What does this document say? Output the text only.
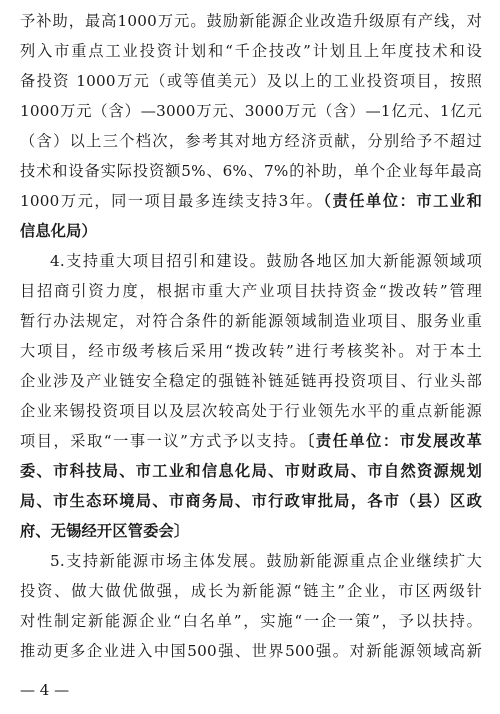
予补助，最高1000万元。鼓励新能源企业改造升级原有产线，对
列入市重点工业投资计划和“千企技改”计划且上年度技术和设
备投资 1000万元（或等值美元）及以上的工业投资项目，按照
1000万元（含）—3000万元、3000万元（含）—1亿元、1亿元
（含）以上三个档次，参考其对地方经济贡献，分别给予不超过
技术和设备实际投资额5%、6%、7%的补助，单个企业每年最高
1000万元，同一项目最多连续支持3年。（责任单位：市工业和
信息化局）
4.支持重大项目招引和建设。鼓励各地区加大新能源领域项
目招商引资力度，根据市重大产业项目扶持资金“拨改转”管理
暂行办法规定，对符合条件的新能源领域制造业项目、服务业重
大项目，经市级考核后采用“拨改转”进行考核奖补。对于本土
企业涉及产业链安全稳定的强链补链延链再投资项目、行业头部
企业来锡投资项目以及层次较高处于行业领先水平的重点新能源
项目，采取“一事一议”方式予以支持。〔责任单位：市发展改革
委、市科技局、市工业和信息化局、市财政局、市自然资源规划
局、市生态环境局、市商务局、市行政审批局，各市（县）区政
府、无锡经开区管委会〕
5.支持新能源市场主体发展。鼓励新能源重点企业继续扩大
投资、做大做优做强，成长为新能源“链主”企业，市区两级针
对性制定新能源企业“白名单”，实施“一企一策”，予以扶持。
推动更多企业进入中国500强、世界500强。对新能源领域高新
— 4 —
